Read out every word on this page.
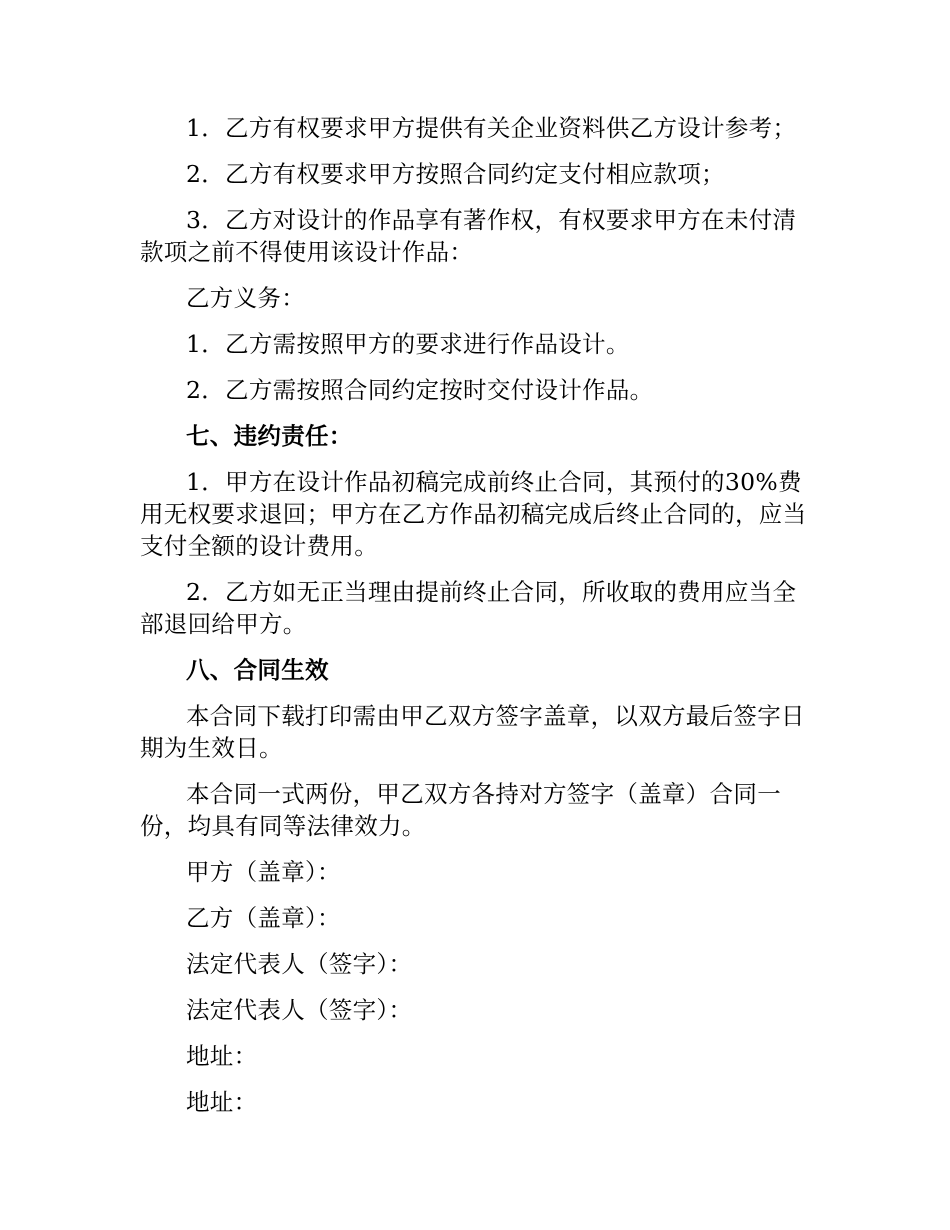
1．乙方有权要求甲方提供有关企业资料供乙方设计参考；

2．乙方有权要求甲方按照合同约定支付相应款项；

3．乙方对设计的作品享有著作权，有权要求甲方在未付清款项之前不得使用该设计作品：

乙方义务：

1．乙方需按照甲方的要求进行作品设计。

2．乙方需按照合同约定按时交付设计作品。

七、违约责任：

1．甲方在设计作品初稿完成前终止合同，其预付的30%费用无权要求退回；甲方在乙方作品初稿完成后终止合同的，应当支付全额的设计费用。

2．乙方如无正当理由提前终止合同，所收取的费用应当全部退回给甲方。

八、合同生效

本合同下载打印需由甲乙双方签字盖章，以双方最后签字日期为生效日。

本合同一式两份，甲乙双方各持对方签字（盖章）合同一份，均具有同等法律效力。

甲方（盖章）：

乙方（盖章）：

法定代表人（签字）：

法定代表人（签字）：

地址：

地址：
